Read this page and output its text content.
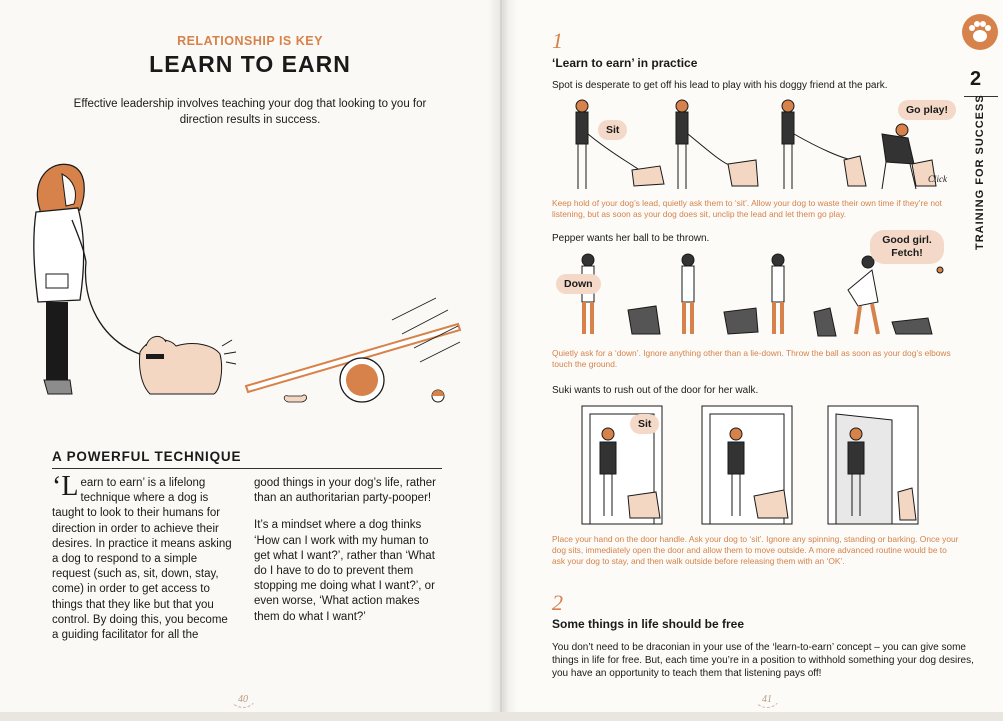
RELATIONSHIP IS KEY
LEARN TO EARN
Effective leadership involves teaching your dog that looking to you for direction results in success.
A POWERFUL TECHNIQUE

‘Learn to earn’ is a lifelong technique where a dog is taught to look to their humans for direction in order to achieve their desires. In practice it means asking a dog to respond to a simple request (such as, sit, down, stay, come) in order to get access to things that they like but that you control. By doing this, you become a guiding facilitator for all the

good things in your dog’s life, rather than an authoritarian party-pooper!

It’s a mindset where a dog thinks ‘How can I work with my human to get what I want?’, rather than ‘What do I have to do to prevent them stopping me doing what I want?’, or even worse, ‘What action makes them do what I want?’

40
2
TRAINING FOR SUCCESS
1
‘Learn to earn’ in practice
Spot is desperate to get off his lead to play with his doggy friend at the park.
Sit
Go play!
Click
Keep hold of your dog’s lead, quietly ask them to ‘sit’. Allow your dog to waste their own time if they’re not listening, but as soon as your dog does sit, unclip the lead and let them go play.
Pepper wants her ball to be thrown.
Down
Good girl. Fetch!
Quietly ask for a ‘down’. Ignore anything other than a lie-down. Throw the ball as soon as your dog’s elbows touch the ground.
Suki wants to rush out of the door for her walk.
Sit
Place your hand on the door handle. Ask your dog to ‘sit’. Ignore any spinning, standing or barking. Once your dog sits, immediately open the door and allow them to move outside. A more advanced routine would be to ask your dog to stay, and then walk outside before releasing them with an ‘OK’.
2
Some things in life should be free
You don’t need to be draconian in your use of the ‘learn-to-earn’ concept – you can give some things in life for free. But, each time you’re in a position to withhold something your dog desires, you have an opportunity to teach them that listening pays off!
41
